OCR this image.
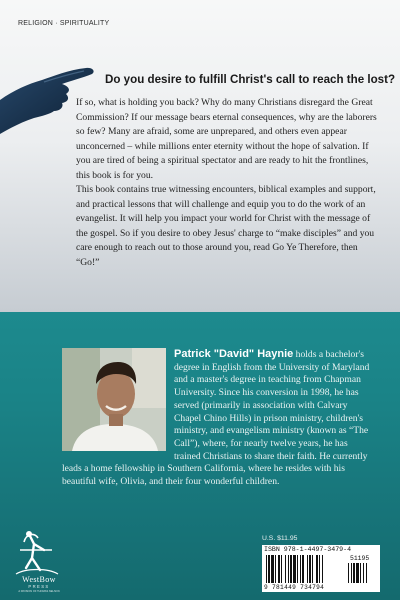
RELIGION · SPIRITUALITY
Do you desire to fulfill Christ's call to reach the lost?

If so, what is holding you back? Why do many Christians disregard the Great Commission? If our message bears eternal consequences, why are the laborers so few? Many are afraid, some are unprepared, and others even appear unconcerned – while millions enter eternity without the hope of salvation. If you are tired of being a spiritual spectator and are ready to hit the frontlines, this book is for you.

This book contains true witnessing encounters, biblical examples and support, and practical lessons that will challenge and equip you to do the work of an evangelist. It will help you impact your world for Christ with the message of the gospel. So if you desire to obey Jesus' charge to “make disciples” and you care enough to reach out to those around you, read Go Ye Therefore, then “Go!”

Patrick "David" Haynie holds a bachelor's degree in English from the University of Maryland and a master's degree in teaching from Chapman University. Since his conversion in 1998, he has served (primarily in association with Calvary Chapel Chino Hills) in prison ministry, children's ministry, and evangelism ministry (known as “The Call”), where, for nearly twelve years, he has trained Christians to share their faith. He currently leads a home fellowship in Southern California, where he resides with his beautiful wife, Olivia, and their four wonderful children.

WestBow
PRESS
A DIVISION OF THOMAS NELSON
U.S. $11.95
ISBN 978-1-4497-3479-4
51195
9 781449 734794
